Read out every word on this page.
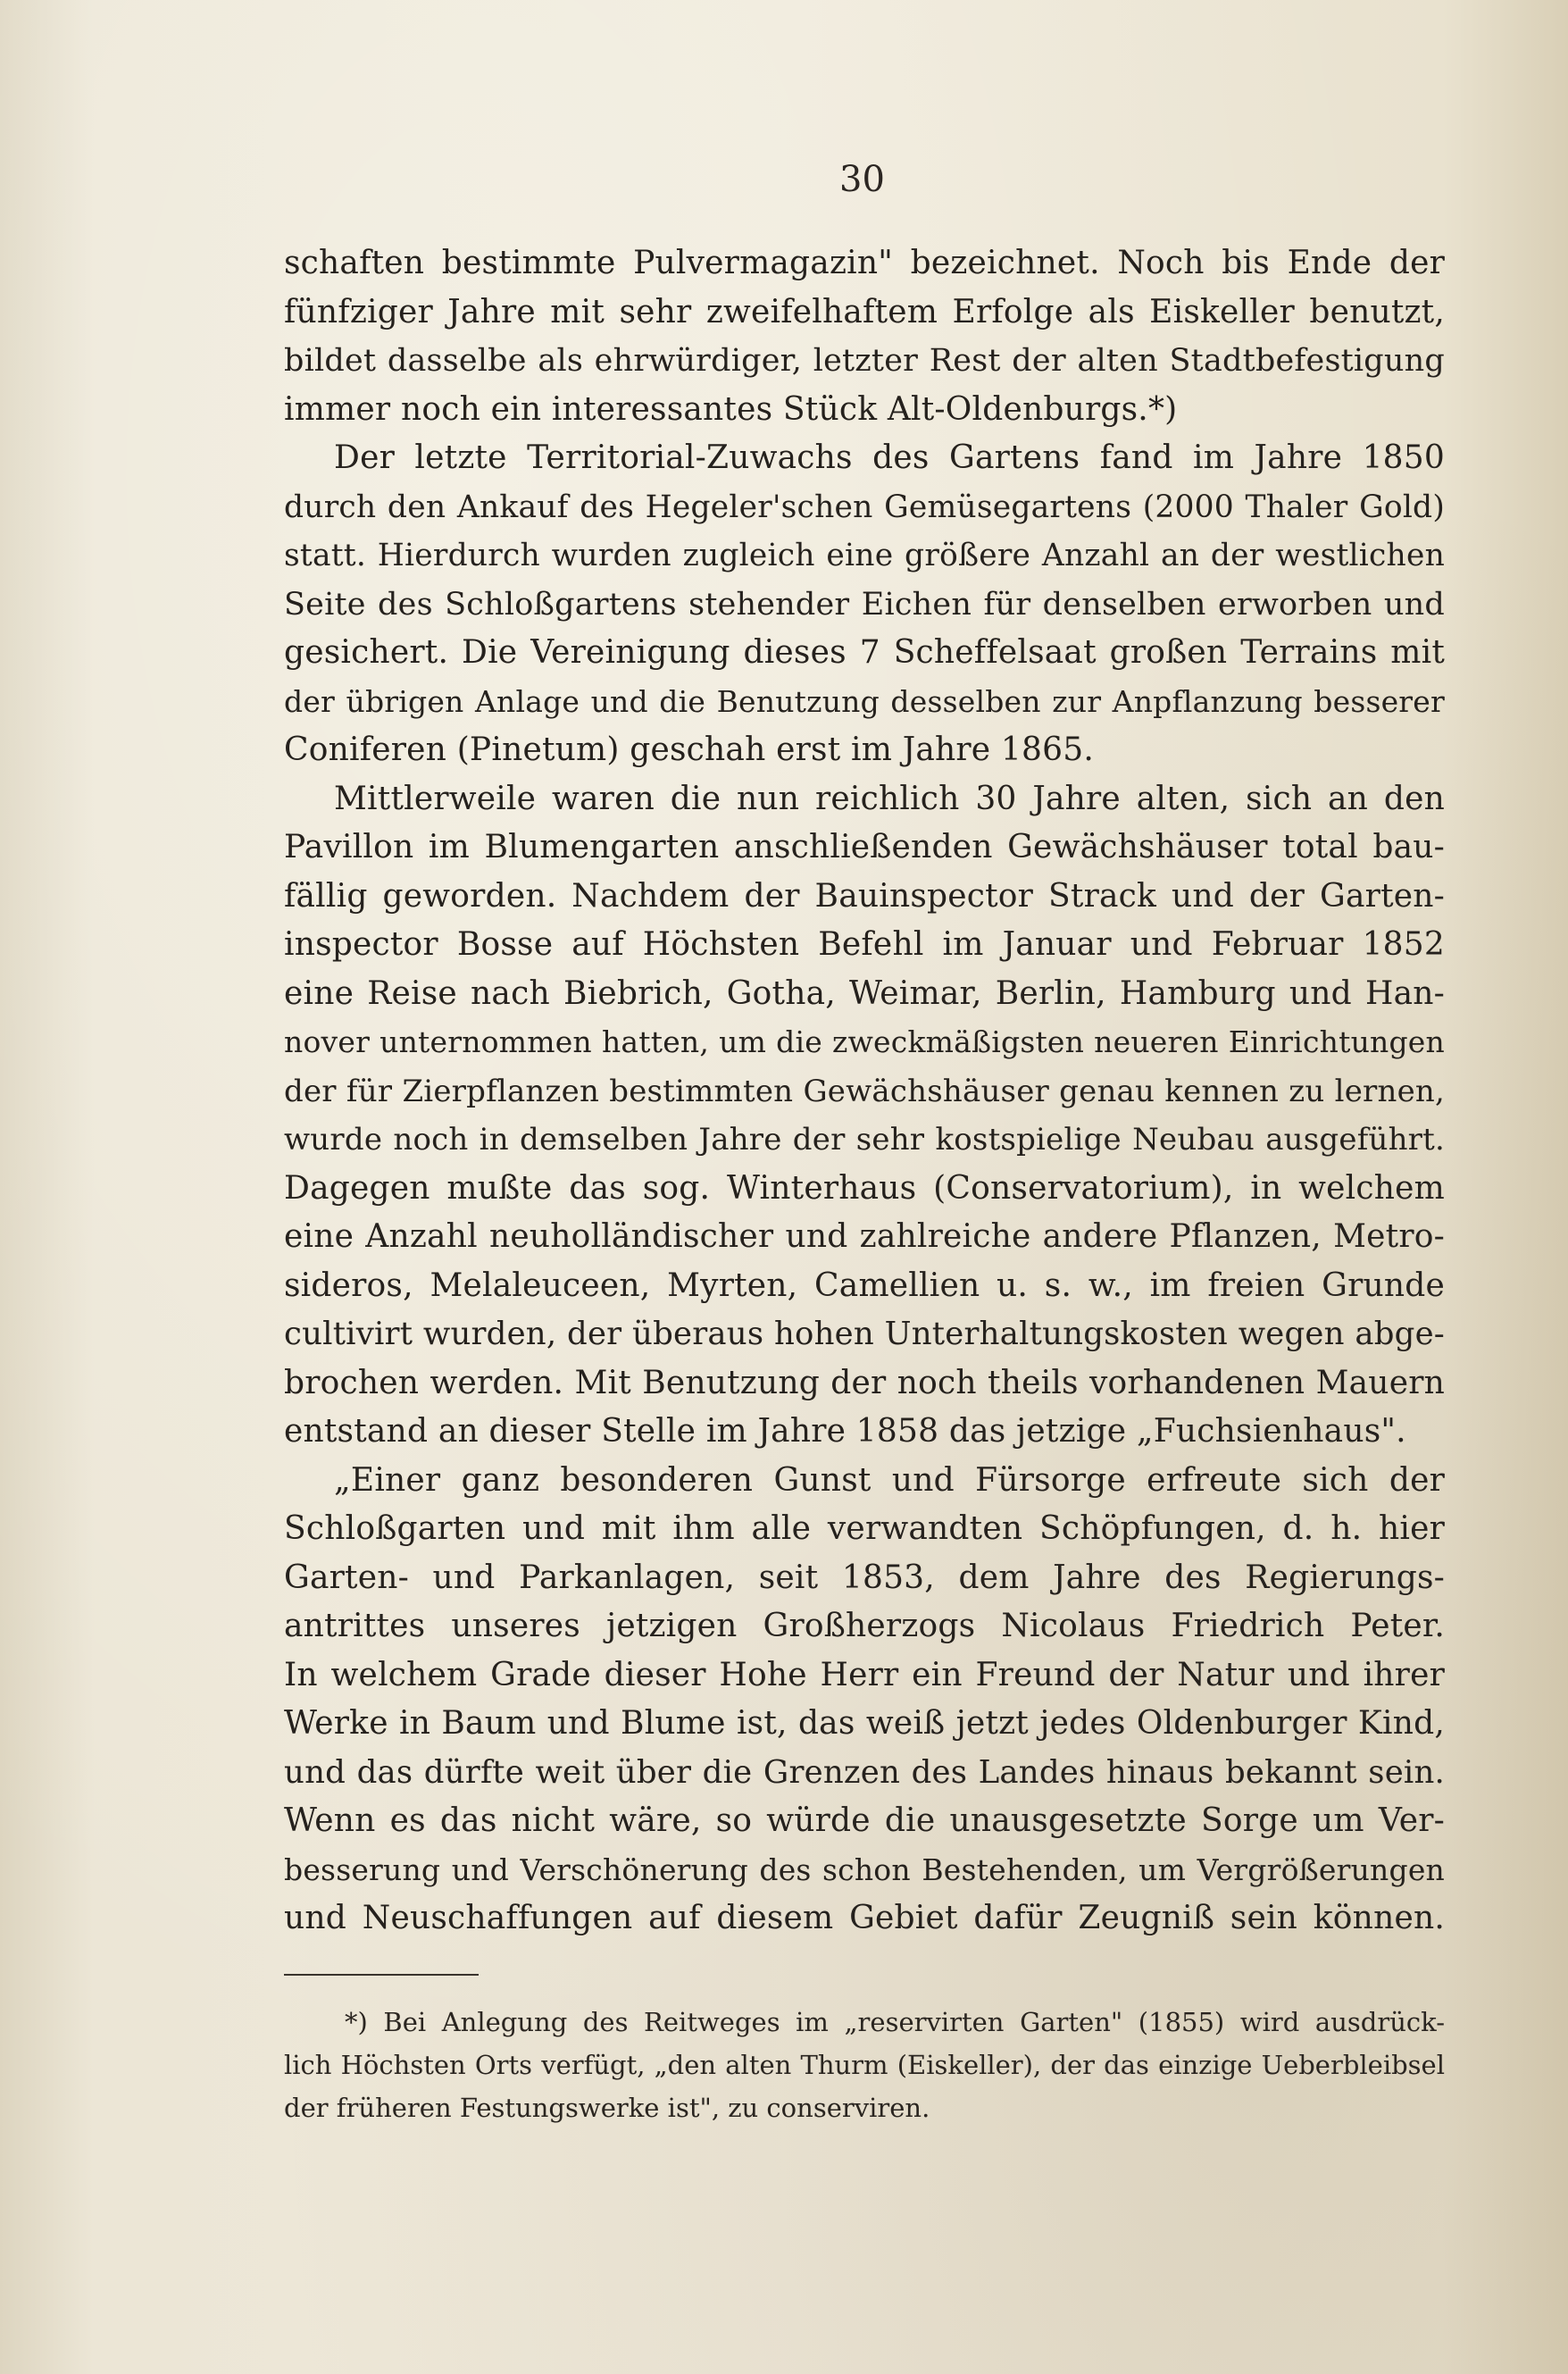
30
schaften bestimmte Pulvermagazin" bezeichnet. Noch bis Ende der
fünfziger Jahre mit sehr zweifelhaftem Erfolge als Eiskeller benutzt,
bildet dasselbe als ehrwürdiger, letzter Rest der alten Stadtbefestigung
immer noch ein interessantes Stück Alt-Oldenburgs.*)
Der letzte Territorial-Zuwachs des Gartens fand im Jahre 1850
durch den Ankauf des Hegeler'schen Gemüsegartens (2000 Thaler Gold)
statt. Hierdurch wurden zugleich eine größere Anzahl an der westlichen
Seite des Schloßgartens stehender Eichen für denselben erworben und
gesichert. Die Vereinigung dieses 7 Scheffelsaat großen Terrains mit
der übrigen Anlage und die Benutzung desselben zur Anpflanzung besserer
Coniferen (Pinetum) geschah erst im Jahre 1865.
Mittlerweile waren die nun reichlich 30 Jahre alten, sich an den
Pavillon im Blumengarten anschließenden Gewächshäuser total bau-
fällig geworden. Nachdem der Bauinspector Strack und der Garten-
inspector Bosse auf Höchsten Befehl im Januar und Februar 1852
eine Reise nach Biebrich, Gotha, Weimar, Berlin, Hamburg und Han-
nover unternommen hatten, um die zweckmäßigsten neueren Einrichtungen
der für Zierpflanzen bestimmten Gewächshäuser genau kennen zu lernen,
wurde noch in demselben Jahre der sehr kostspielige Neubau ausgeführt.
Dagegen mußte das sog. Winterhaus (Conservatorium), in welchem
eine Anzahl neuholländischer und zahlreiche andere Pflanzen, Metro-
sideros, Melaleuceen, Myrten, Camellien u. s. w., im freien Grunde
cultivirt wurden, der überaus hohen Unterhaltungskosten wegen abge-
brochen werden. Mit Benutzung der noch theils vorhandenen Mauern
entstand an dieser Stelle im Jahre 1858 das jetzige „Fuchsienhaus".
„Einer ganz besonderen Gunst und Fürsorge erfreute sich der
Schloßgarten und mit ihm alle verwandten Schöpfungen, d. h. hier
Garten- und Parkanlagen, seit 1853, dem Jahre des Regierungs-
antrittes unseres jetzigen Großherzogs Nicolaus Friedrich Peter.
In welchem Grade dieser Hohe Herr ein Freund der Natur und ihrer
Werke in Baum und Blume ist, das weiß jetzt jedes Oldenburger Kind,
und das dürfte weit über die Grenzen des Landes hinaus bekannt sein.
Wenn es das nicht wäre, so würde die unausgesetzte Sorge um Ver-
besserung und Verschönerung des schon Bestehenden, um Vergrößerungen
und Neuschaffungen auf diesem Gebiet dafür Zeugniß sein können.
*) Bei Anlegung des Reitweges im „reservirten Garten" (1855) wird ausdrück-
lich Höchsten Orts verfügt, „den alten Thurm (Eiskeller), der das einzige Ueberbleibsel
der früheren Festungswerke ist", zu conserviren.
